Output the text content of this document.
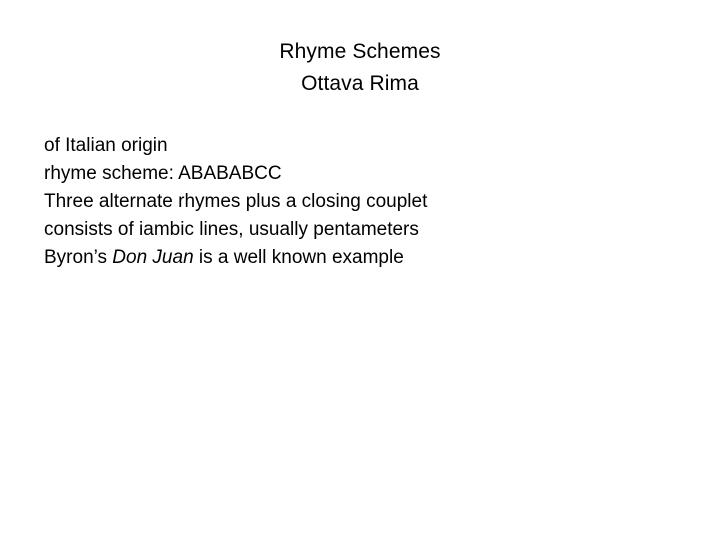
Rhyme Schemes
Ottava Rima
of Italian origin
rhyme scheme: ABABABCC
Three alternate rhymes plus a closing couplet
consists of iambic lines, usually pentameters
Byron’s Don Juan is a well known example
